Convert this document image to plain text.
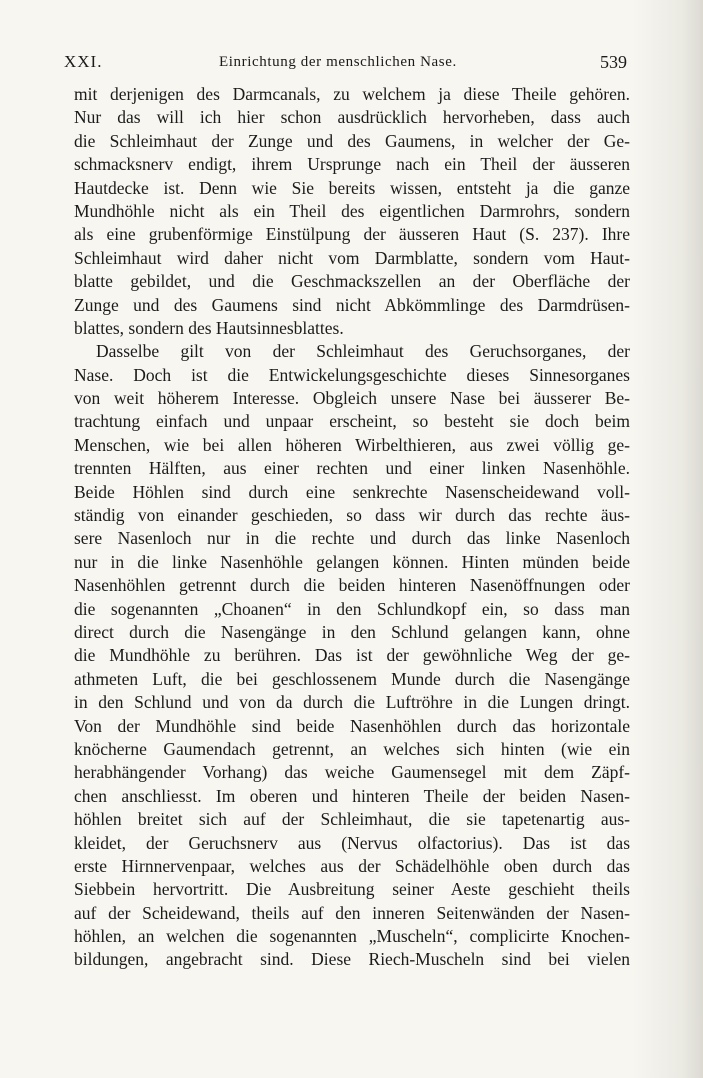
XXI.	Einrichtung der menschlichen Nase.	539
mit derjenigen des Darmcanals, zu welchem ja diese Theile gehören.
Nur das will ich hier schon ausdrücklich hervorheben, dass auch
die Schleimhaut der Zunge und des Gaumens, in welcher der Ge-
schmacksnerv endigt, ihrem Ursprunge nach ein Theil der äusseren
Hautdecke ist. Denn wie Sie bereits wissen, entsteht ja die ganze
Mundhöhle nicht als ein Theil des eigentlichen Darmrohrs, sondern
als eine grubenförmige Einstülpung der äusseren Haut (S. 237). Ihre
Schleimhaut wird daher nicht vom Darmblatte, sondern vom Haut-
blatte gebildet, und die Geschmackszellen an der Oberfläche der
Zunge und des Gaumens sind nicht Abkömmlinge des Darmdrüsen-
blattes, sondern des Hautsinnesblattes.
Dasselbe gilt von der Schleimhaut des Geruchsorganes, der
Nase. Doch ist die Entwickelungsgeschichte dieses Sinnesorganes
von weit höherem Interesse. Obgleich unsere Nase bei äusserer Be-
trachtung einfach und unpaar erscheint, so besteht sie doch beim
Menschen, wie bei allen höheren Wirbelthieren, aus zwei völlig ge-
trennten Hälften, aus einer rechten und einer linken Nasenhöhle.
Beide Höhlen sind durch eine senkrechte Nasenscheidewand voll-
ständig von einander geschieden, so dass wir durch das rechte äus-
sere Nasenloch nur in die rechte und durch das linke Nasenloch
nur in die linke Nasenhöhle gelangen können. Hinten münden beide
Nasenhöhlen getrennt durch die beiden hinteren Nasenöffnungen oder
die sogenannten „Choanen“ in den Schlundkopf ein, so dass man
direct durch die Nasengänge in den Schlund gelangen kann, ohne
die Mundhöhle zu berühren. Das ist der gewöhnliche Weg der ge-
athmeten Luft, die bei geschlossenem Munde durch die Nasengänge
in den Schlund und von da durch die Luftröhre in die Lungen dringt.
Von der Mundhöhle sind beide Nasenhöhlen durch das horizontale
knöcherne Gaumendach getrennt, an welches sich hinten (wie ein
herabhängender Vorhang) das weiche Gaumensegel mit dem Zäpf-
chen anschliesst. Im oberen und hinteren Theile der beiden Nasen-
höhlen breitet sich auf der Schleimhaut, die sie tapetenartig aus-
kleidet, der Geruchsnerv aus (Nervus olfactorius). Das ist das
erste Hirnnervenpaar, welches aus der Schädelhöhle oben durch das
Siebbein hervortritt. Die Ausbreitung seiner Aeste geschieht theils
auf der Scheidewand, theils auf den inneren Seitenwänden der Nasen-
höhlen, an welchen die sogenannten „Muscheln“, complicirte Knochen-
bildungen, angebracht sind. Diese Riech-Muscheln sind bei vielen
